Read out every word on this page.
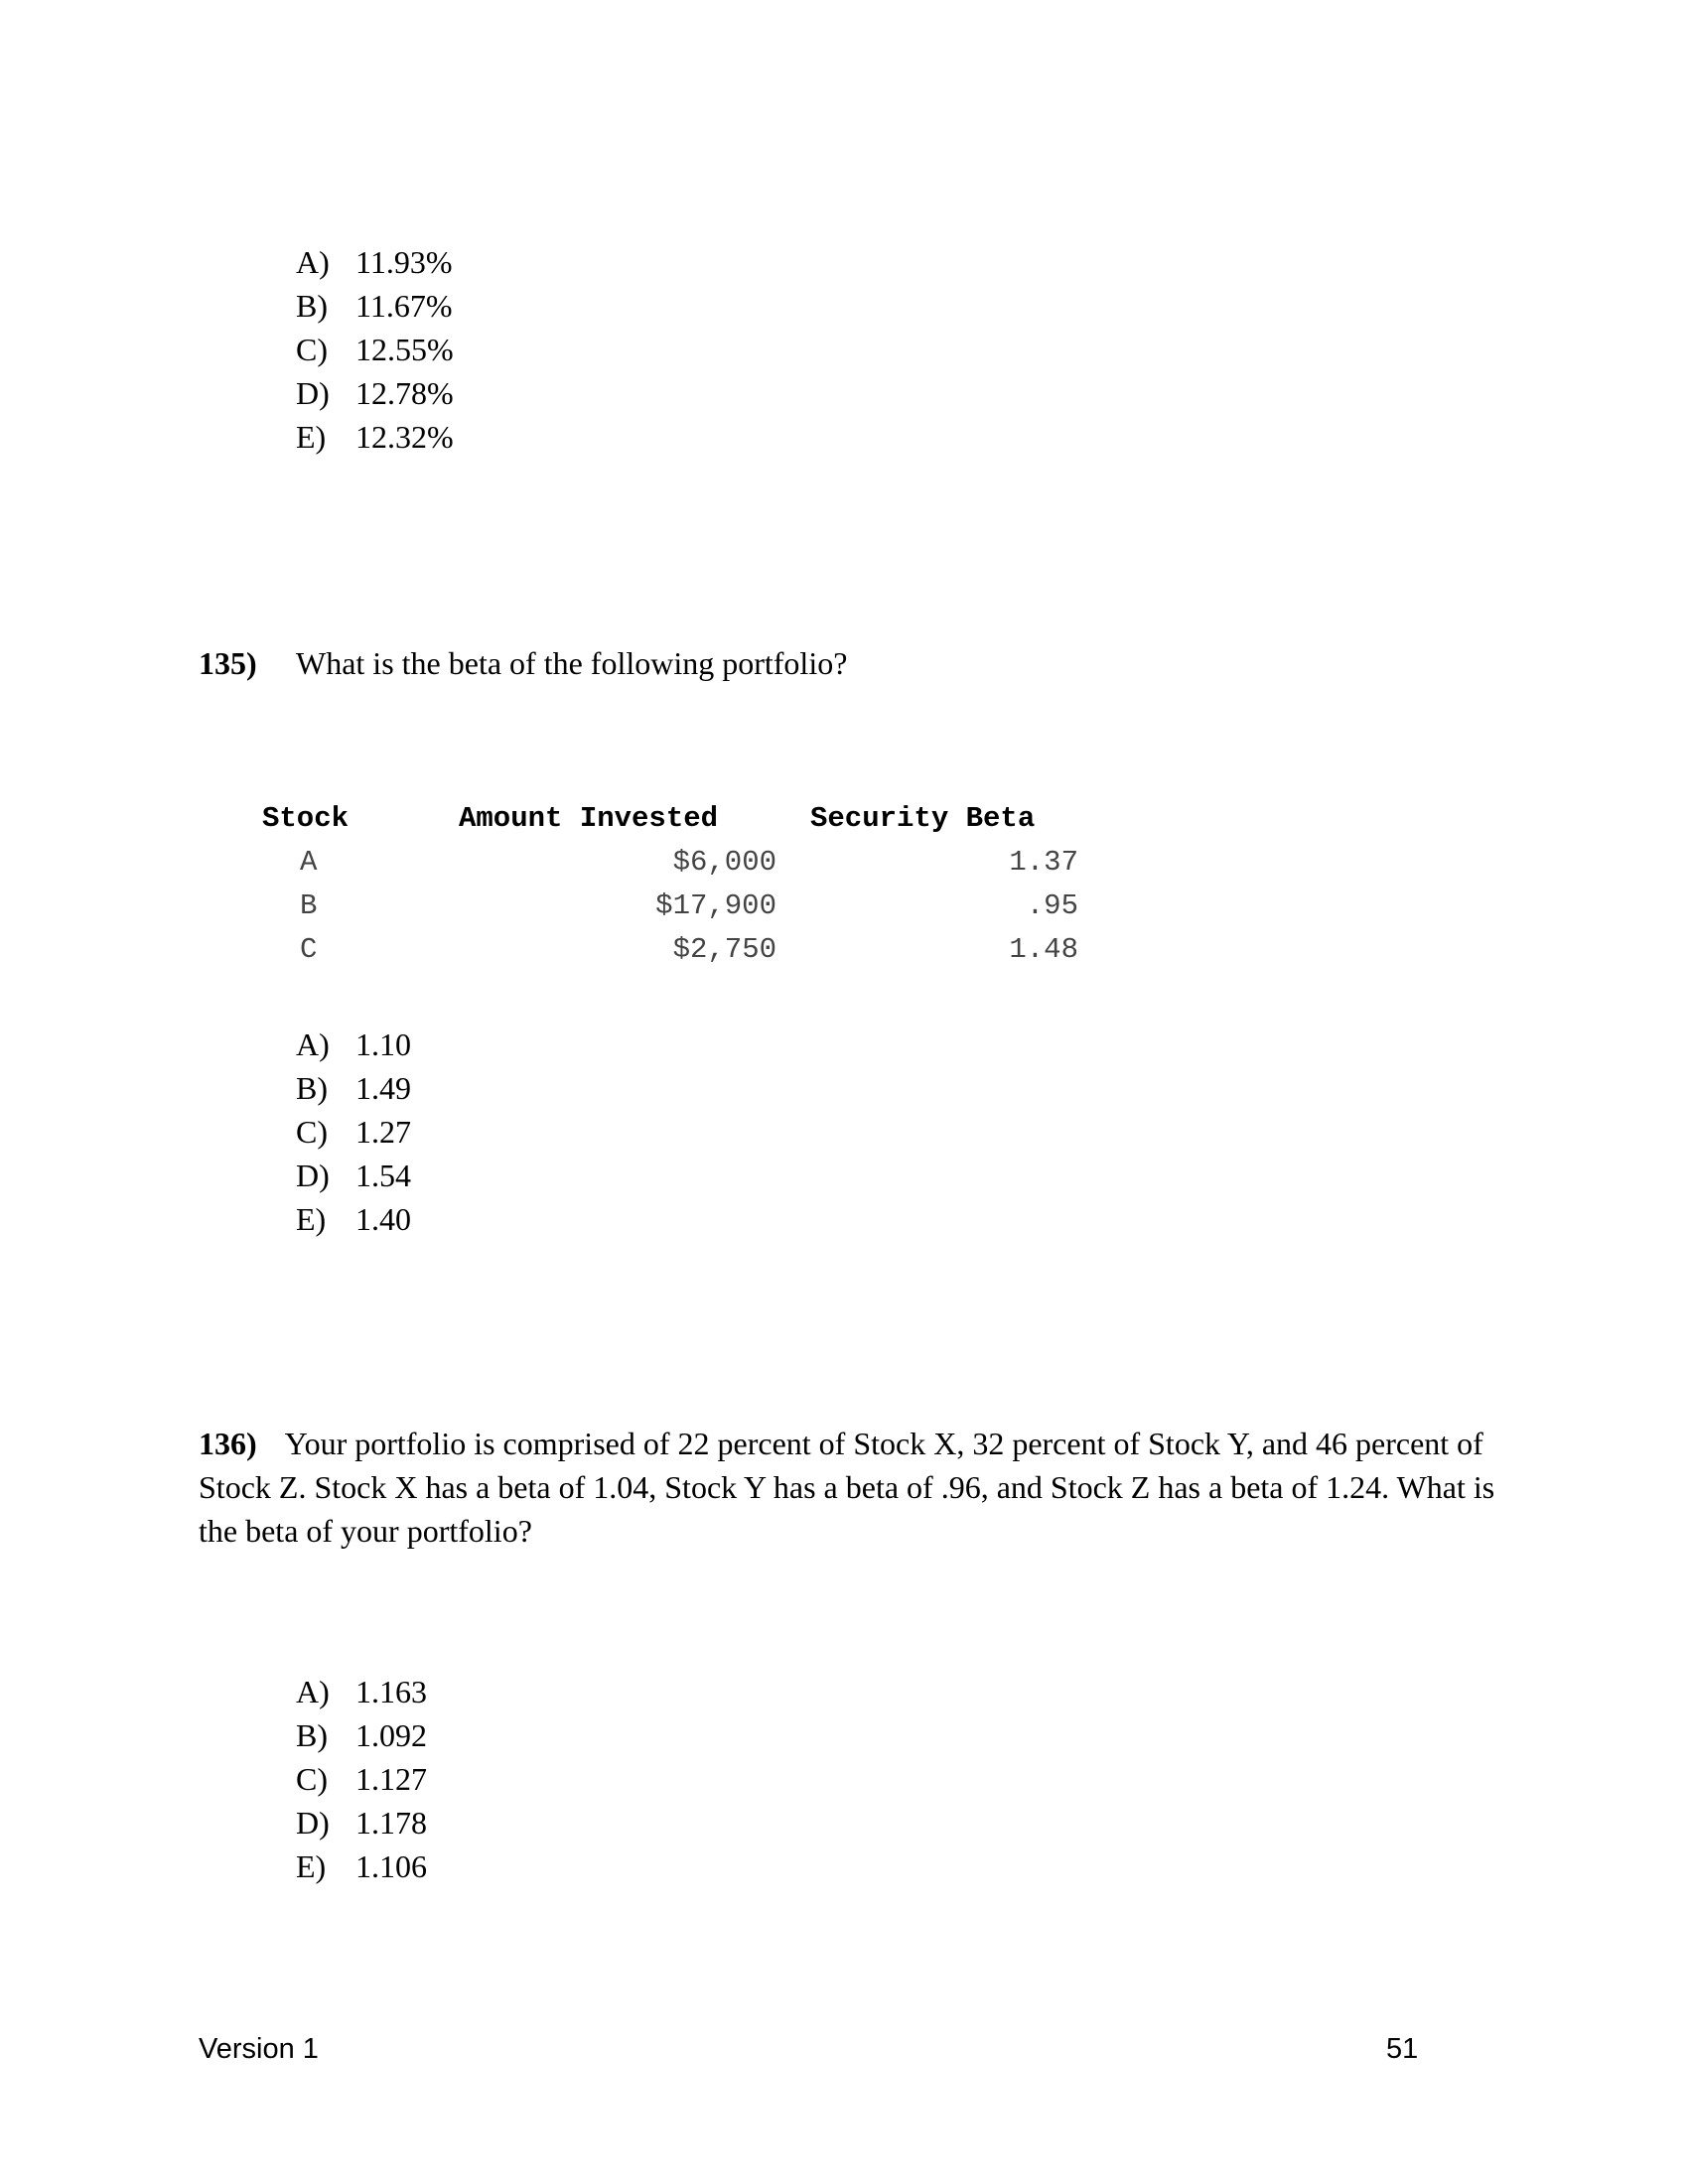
A) 11.93%
B) 11.67%
C) 12.55%
D) 12.78%
E) 12.32%
135) What is the beta of the following portfolio?
Stock	Amount Invested	Security Beta
A	$6,000	1.37
B	$17,900	.95
C	$2,750	1.48
A) 1.10
B) 1.49
C) 1.27
D) 1.54
E) 1.40
136) Your portfolio is comprised of 22 percent of Stock X, 32 percent of Stock Y, and 46 percent of Stock Z. Stock X has a beta of 1.04, Stock Y has a beta of .96, and Stock Z has a beta of 1.24. What is the beta of your portfolio?
A) 1.163
B) 1.092
C) 1.127
D) 1.178
E) 1.106
Version 1	51
